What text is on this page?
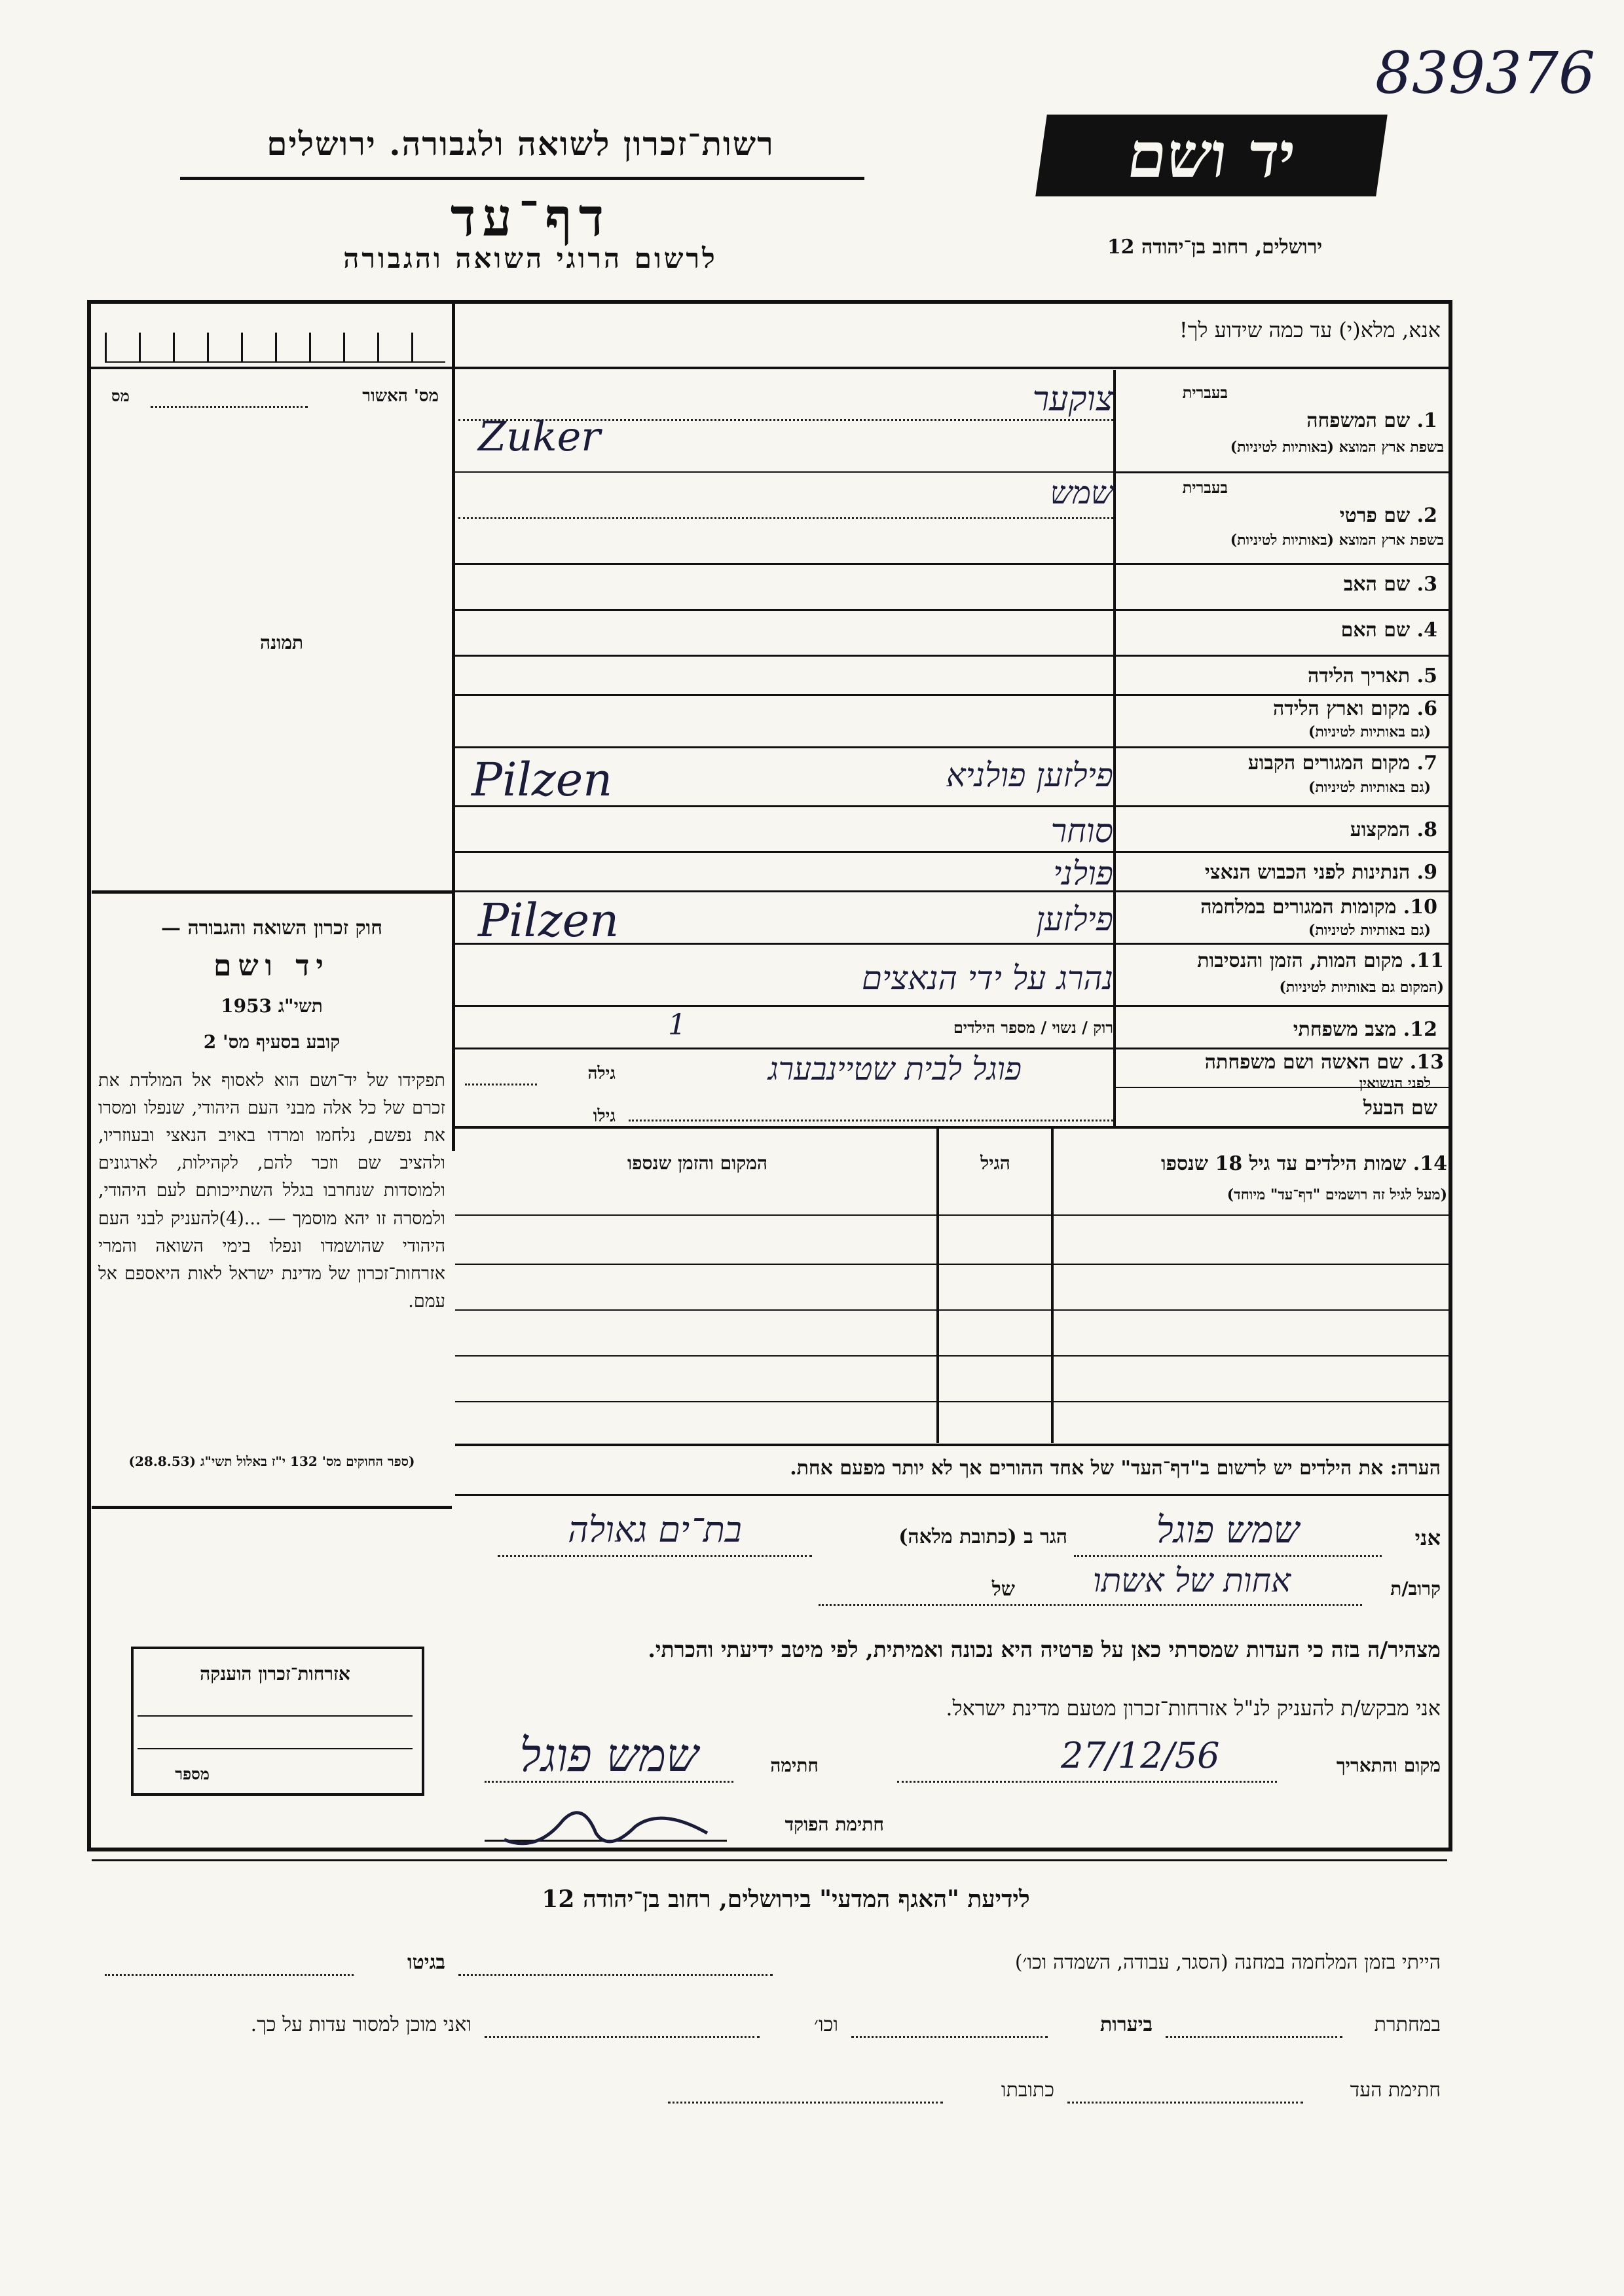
839376
רשות־זכרון לשואה ולגבורה. ירושלים
דף־עד
לרשום הרוגי השואה והגבורה
יד ושם
ירושלים, רחוב בן־יהודה 12
אנא, מלא(י) עד כמה שידוע לך!
מס' האשור
מס
תמונה
חוק זכרון השואה והגבורה —
יד ושם
תשי"ג 1953
קובע בסעיף מס' 2
תפקידו של יד־ושם הוא לאסוף אל המולדת את זכרם של כל אלה מבני העם היהודי, שנפלו ומסרו את נפשם, נלחמו ומרדו באויב הנאצי ובעוזריו, ולהציב שם וזכר להם, לקהילות, לארגונים ולמוסדות שנחרבו בגלל השתייכותם לעם היהודי, ולמסרה זו יהא מוסמך — ...(4)להעניק לבני העם היהודי שהושמדו ונפלו בימי השואה והמרי אזרחות־זכרון של מדינת ישראל לאות היאספם אל עמם.
(ספר החוקים מס' 132 י"ז באלול תשי"ג (28.8.53)
1. שם המשפחה
בעברית
בשפת ארץ המוצא (באותיות לטיניות)
צוקער
Zuker
2. שם פרטי
בעברית
בשפת ארץ המוצא (באותיות לטיניות)
שמש
3. שם האב
4. שם האם
5. תאריך הלידה
6. מקום וארץ הלידה
(גם באותיות לטיניות)
7. מקום המגורים הקבוע
(גם באותיות לטיניות)
פילזען פולניא
Pilzen
8. המקצוע
סוחר
9. הנתינות לפני הכבוש הנאצי
פולני
10. מקומות המגורים במלחמה
(גם באותיות לטיניות)
פילזען
Pilzen
11. מקום המות, הזמן והנסיבות
(המקום גם באותיות לטיניות)
נהרג על ידי הנאצים
12. מצב משפחתי
רוק / נשוי / מספר הילדים
1
13. שם האשה ושם משפחתה
לפני הנשואין
פוגל לבית שטיינבערג
גילה
שם הבעל
גילו
14. שמות הילדים עד גיל 18 שנספו
(מעל לגיל זה רושמים "דף־עד" מיוחד)
הגיל
המקום והזמן שנספו
הערה: את הילדים יש לרשום ב"דף־העד" של אחד ההורים אך לא יותר מפעם אחת.
אני
שמש פוגל
הגר ב (כתובת מלאה)
בת־ים גאולה
קרוב/ת
אחות של אשתו
של
מצהיר/ה בזה כי העדות שמסרתי כאן על פרטיה היא נכונה ואמיתית, לפי מיטב ידיעתי והכרתי.
אני מבקש/ת להעניק לנ"ל אזרחות־זכרון מטעם מדינת ישראל.
מקום והתאריך
27/12/56
חתימה
שמש פוגל
חתימת הפוקד
אזרחות־זכרון הוענקה
מספר
לידיעת "האגף המדעי" בירושלים, רחוב בן־יהודה 12
הייתי בזמן המלחמה במחנה (הסגר, עבודה, השמדה וכו׳)
בגיטו
במחתרת
ביערות
וכו׳
ואני מוכן למסור עדות על כך.
חתימת העד
כתובתו
